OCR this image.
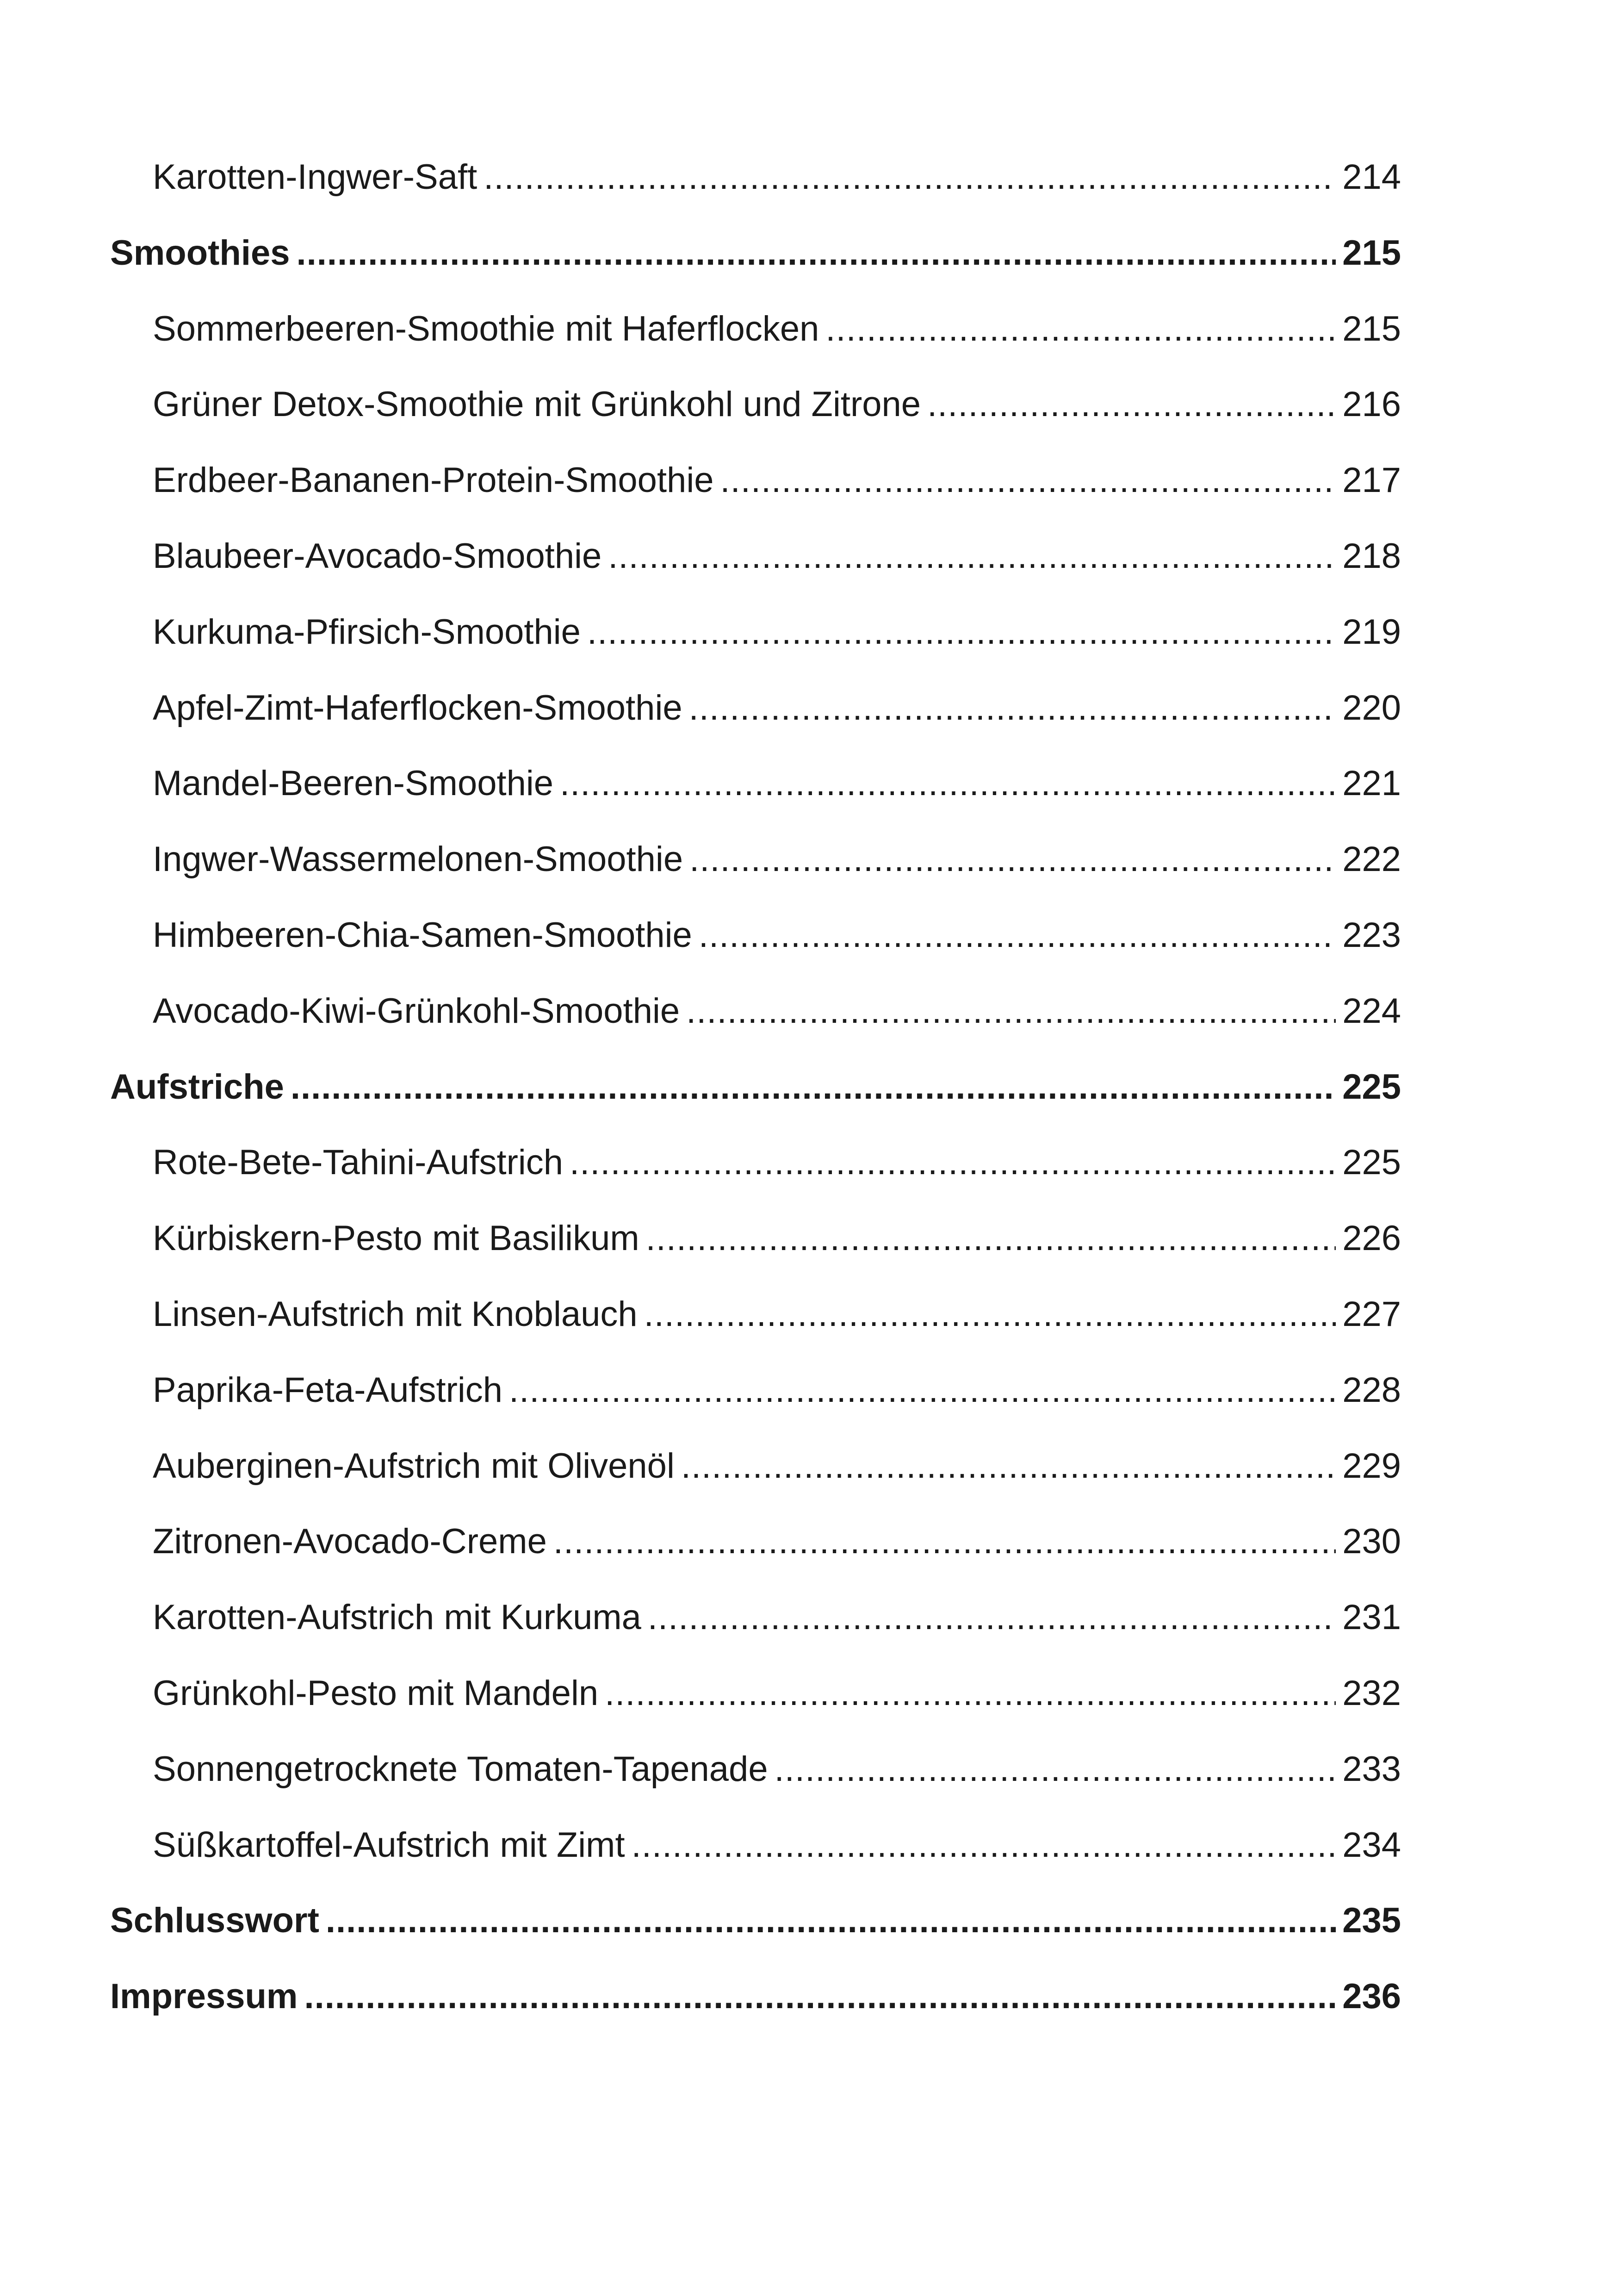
Karotten-Ingwer-Saft .....	214
Smoothies .....	215
Sommerbeeren-Smoothie mit Haferflocken .....	215
Grüner Detox-Smoothie mit Grünkohl und Zitrone .....	216
Erdbeer-Bananen-Protein-Smoothie .....	217
Blaubeer-Avocado-Smoothie .....	218
Kurkuma-Pfirsich-Smoothie .....	219
Apfel-Zimt-Haferflocken-Smoothie .....	220
Mandel-Beeren-Smoothie .....	221
Ingwer-Wassermelonen-Smoothie .....	222
Himbeeren-Chia-Samen-Smoothie .....	223
Avocado-Kiwi-Grünkohl-Smoothie .....	224
Aufstriche .....	225
Rote-Bete-Tahini-Aufstrich .....	225
Kürbiskern-Pesto mit Basilikum .....	226
Linsen-Aufstrich mit Knoblauch .....	227
Paprika-Feta-Aufstrich .....	228
Auberginen-Aufstrich mit Olivenöl .....	229
Zitronen-Avocado-Creme .....	230
Karotten-Aufstrich mit Kurkuma .....	231
Grünkohl-Pesto mit Mandeln .....	232
Sonnengetrocknete Tomaten-Tapenade .....	233
Süßkartoffel-Aufstrich mit Zimt .....	234
Schlusswort .....	235
Impressum .....	236
